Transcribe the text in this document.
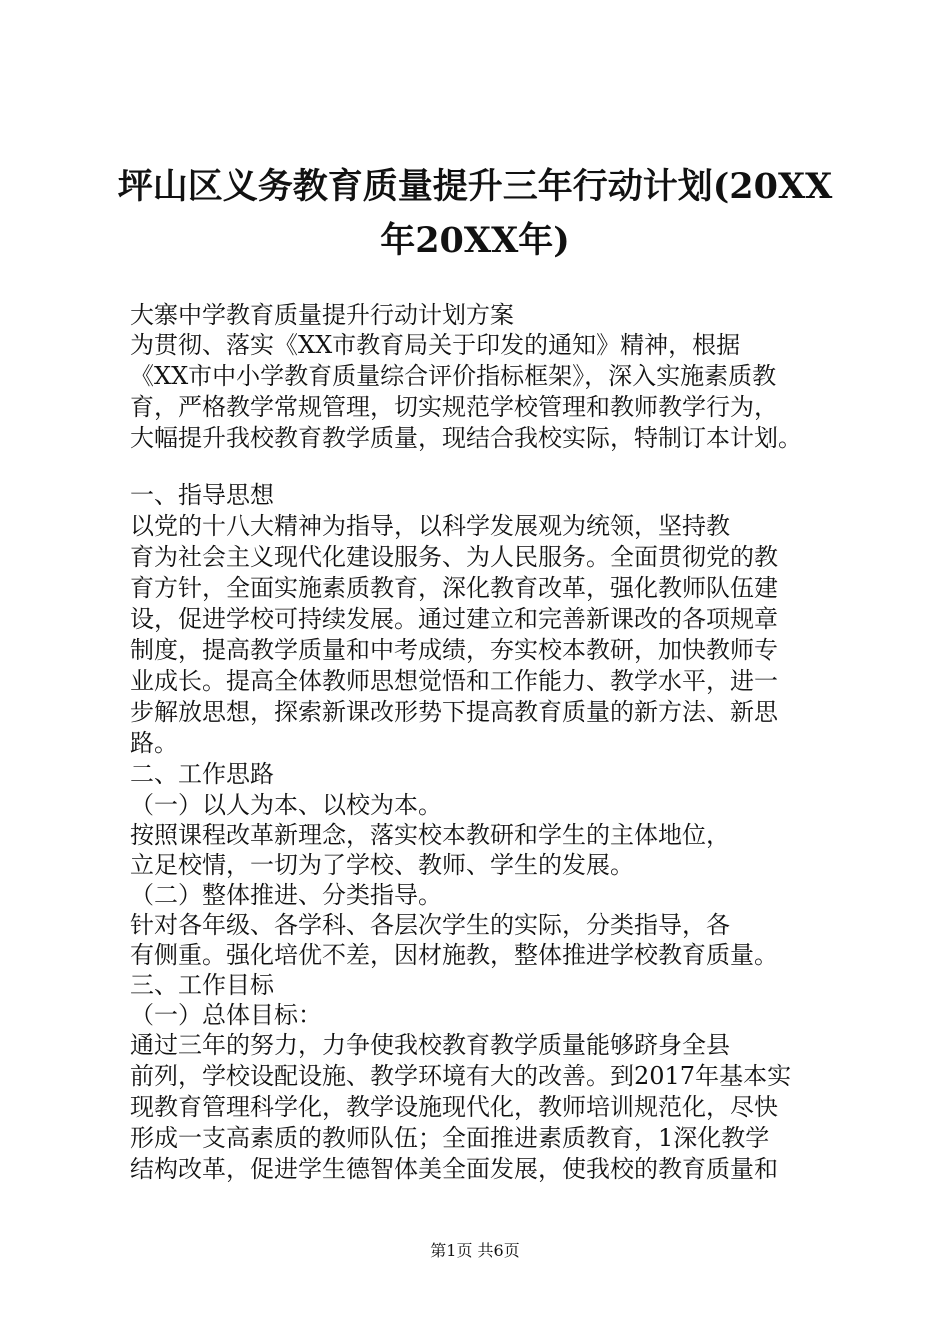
坪山区义务教育质量提升三年行动计划(20XX
年20XX年)
大寨中学教育质量提升行动计划方案
为贯彻、落实《XX市教育局关于印发的通知》精神，根据
《XX市中小学教育质量综合评价指标框架》，深入实施素质教
育，严格教学常规管理，切实规范学校管理和教师教学行为，
大幅提升我校教育教学质量，现结合我校实际，特制订本计划。
一、指导思想
以党的十八大精神为指导，以科学发展观为统领，坚持教
育为社会主义现代化建设服务、为人民服务。全面贯彻党的教
育方针，全面实施素质教育，深化教育改革，强化教师队伍建
设，促进学校可持续发展。通过建立和完善新课改的各项规章
制度，提高教学质量和中考成绩，夯实校本教研，加快教师专
业成长。提高全体教师思想觉悟和工作能力、教学水平，进一
步解放思想，探索新课改形势下提高教育质量的新方法、新思
路。
二、工作思路
（一）以人为本、以校为本。
按照课程改革新理念，落实校本教研和学生的主体地位，
立足校情，一切为了学校、教师、学生的发展。
（二）整体推进、分类指导。
针对各年级、各学科、各层次学生的实际，分类指导，各
有侧重。强化培优不差，因材施教，整体推进学校教育质量。
三、工作目标
（一）总体目标：
通过三年的努力，力争使我校教育教学质量能够跻身全县
前列，学校设配设施、教学环境有大的改善。到2017年基本实
现教育管理科学化，教学设施现代化，教师培训规范化，尽快
形成一支高素质的教师队伍；全面推进素质教育，1深化教学
结构改革，促进学生德智体美全面发展，使我校的教育质量和
第1页 共6页
